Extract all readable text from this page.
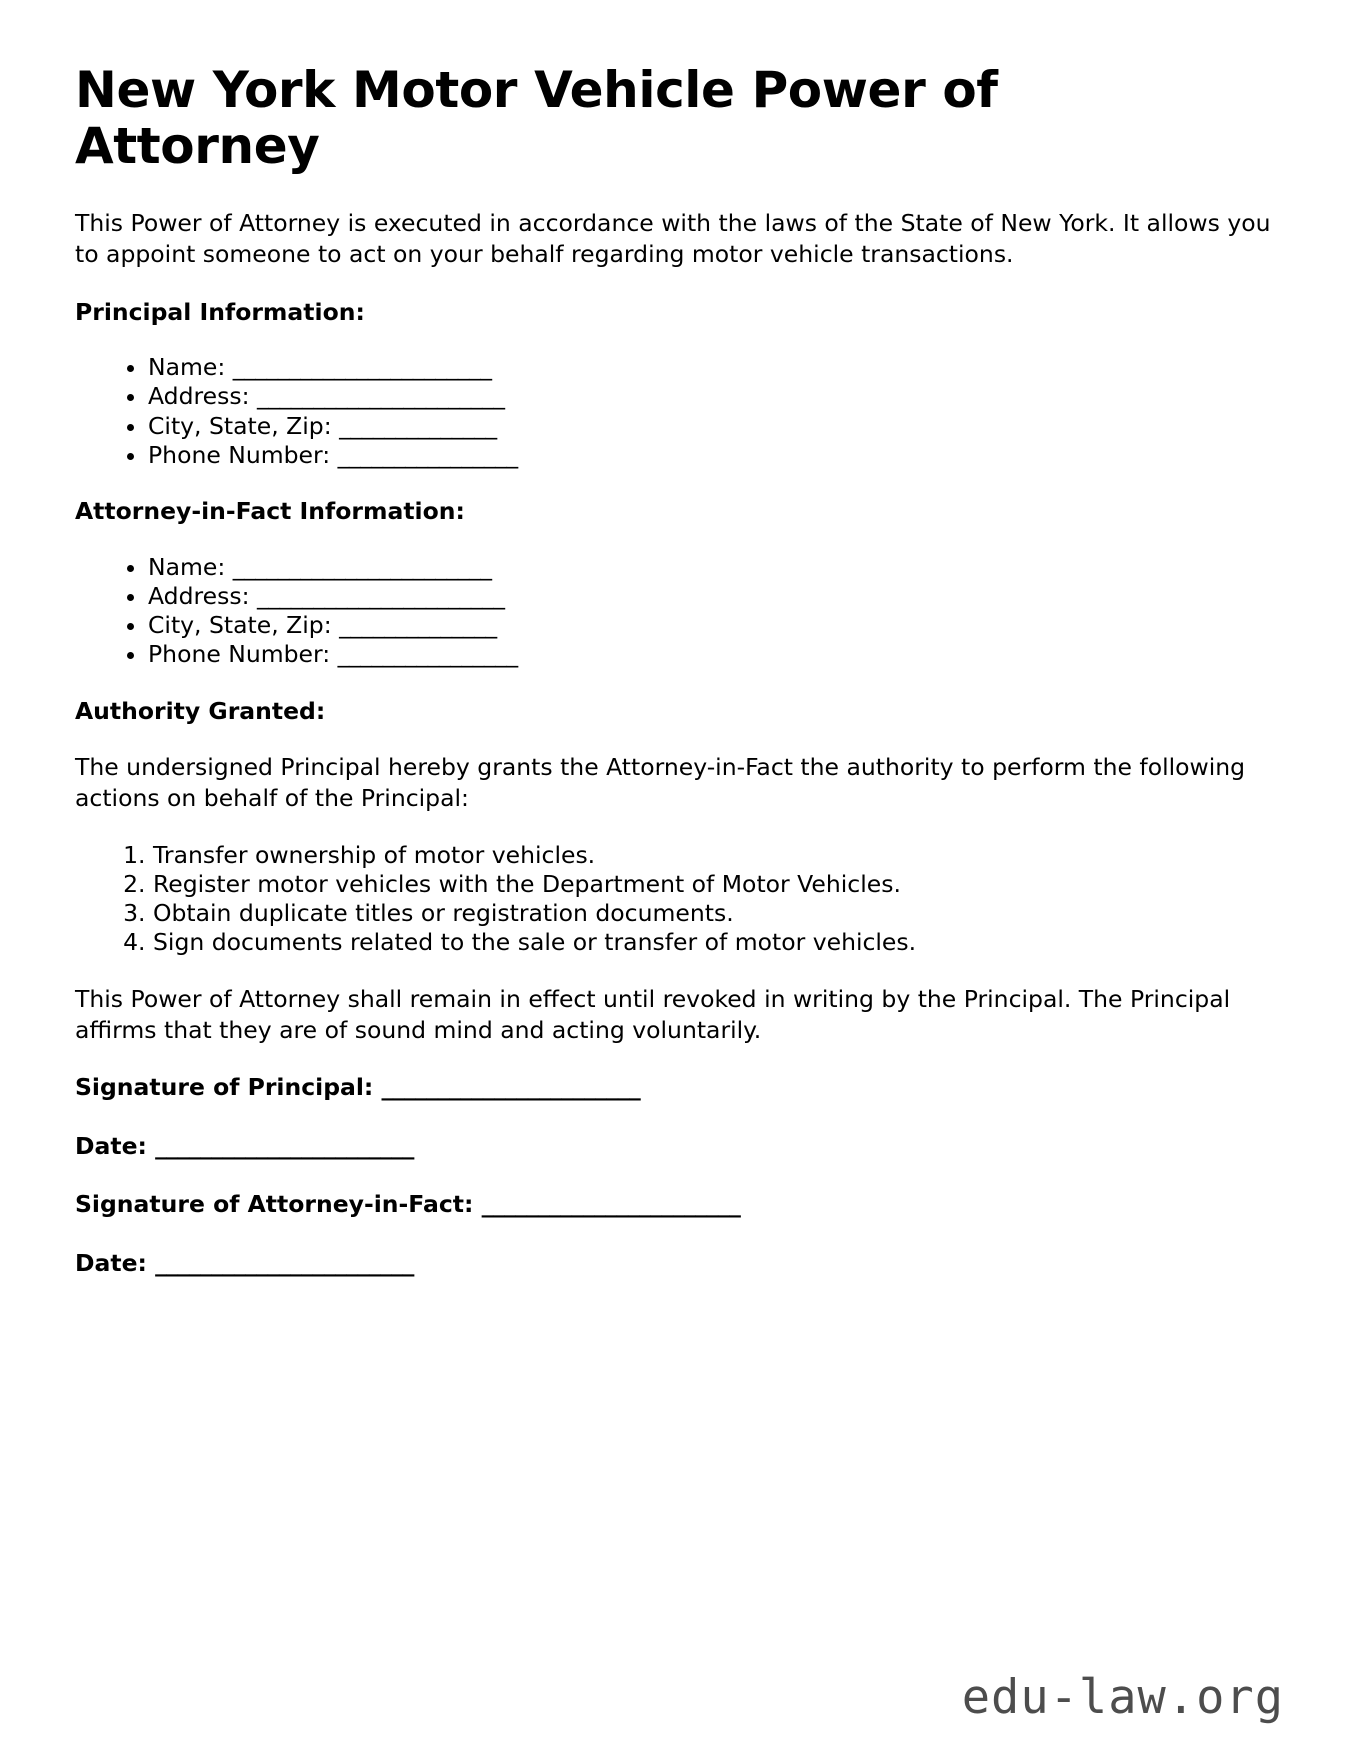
New York Motor Vehicle Power of Attorney

This Power of Attorney is executed in accordance with the laws of the State of New York. It allows you to appoint someone to act on your behalf regarding motor vehicle transactions.

Principal Information:
• Name: _______________________
• Address: ______________________
• City, State, Zip: ______________
• Phone Number: ________________
Attorney-in-Fact Information:
• Name: _______________________
• Address: ______________________
• City, State, Zip: ______________
• Phone Number: ________________
Authority Granted:

The undersigned Principal hereby grants the Attorney-in-Fact the authority to perform the following actions on behalf of the Principal:

1. Transfer ownership of motor vehicles.
2. Register motor vehicles with the Department of Motor Vehicles.
3. Obtain duplicate titles or registration documents.
4. Sign documents related to the sale or transfer of motor vehicles.

This Power of Attorney shall remain in effect until revoked in writing by the Principal. The Principal affirms that they are of sound mind and acting voluntarily.

Signature of Principal: _______________________
Date: _______________________
Signature of Attorney-in-Fact: _______________________
Date: _______________________
edu-law.org
